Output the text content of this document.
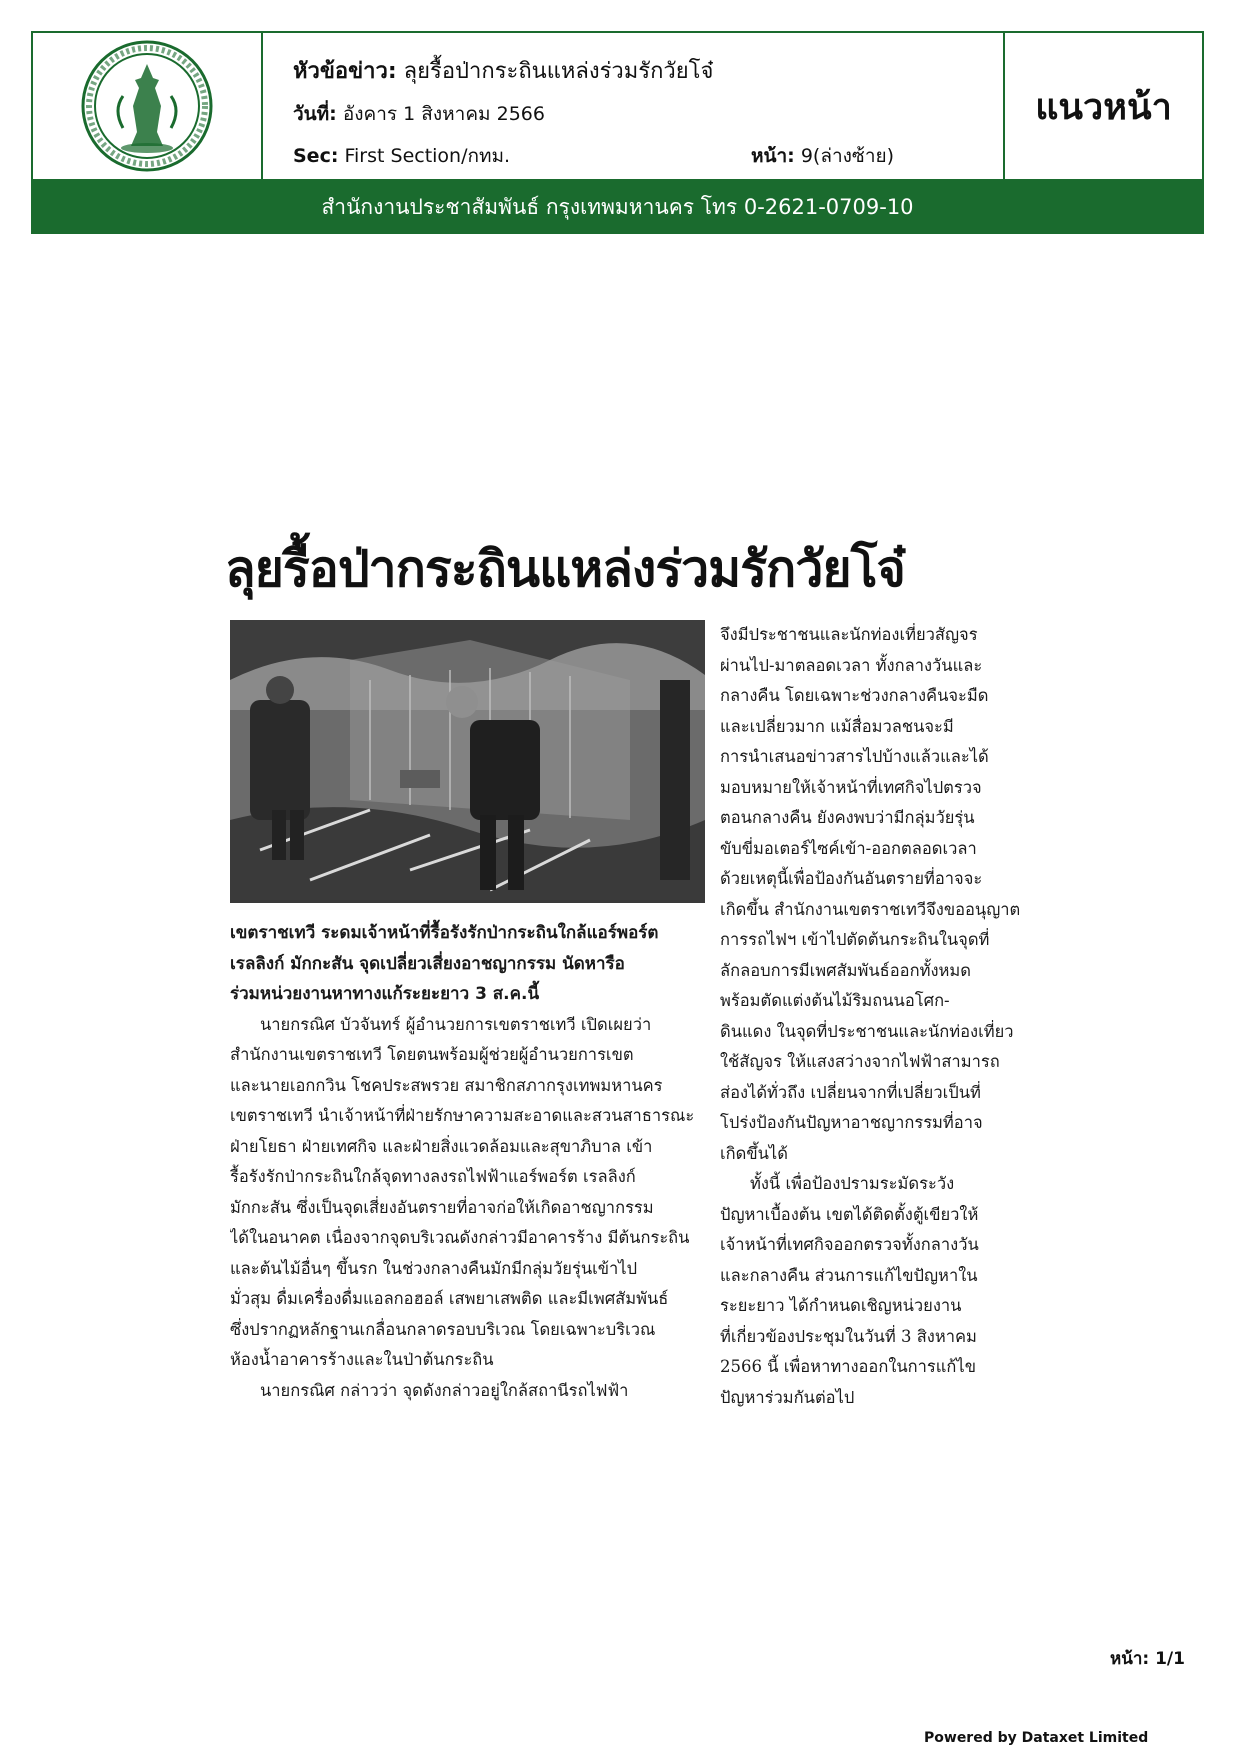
หัวข้อข่าว: ลุยรื้อป่ากระถินแหล่งร่วมรักวัยโจ๋
วันที่: อังคาร 1 สิงหาคม 2566
Sec: First Section/กทม.	หน้า: 9(ล่างซ้าย)
แนวหน้า
สำนักงานประชาสัมพันธ์ กรุงเทพมหานคร โทร 0-2621-0709-10
ลุยรื้อป่ากระถินแหล่งร่วมรักวัยโจ๋
เขตราชเทวี ระดมเจ้าหน้าที่รื้อรังรักป่ากระถินใกล้แอร์พอร์ต
เรลลิงก์ มักกะสัน จุดเปลี่ยวเสี่ยงอาชญากรรม นัดหารือ
ร่วมหน่วยงานหาทางแก้ระยะยาว 3 ส.ค.นี้
นายกรณิศ บัวจันทร์ ผู้อำนวยการเขตราชเทวี เปิดเผยว่า
สำนักงานเขตราชเทวี โดยตนพร้อมผู้ช่วยผู้อำนวยการเขต
และนายเอกกวิน โชคประสพรวย สมาชิกสภากรุงเทพมหานคร
เขตราชเทวี นำเจ้าหน้าที่ฝ่ายรักษาความสะอาดและสวนสาธารณะ
ฝ่ายโยธา ฝ่ายเทศกิจ และฝ่ายสิ่งแวดล้อมและสุขาภิบาล เข้า
รื้อรังรักป่ากระถินใกล้จุดทางลงรถไฟฟ้าแอร์พอร์ต เรลลิงก์
มักกะสัน ซึ่งเป็นจุดเสี่ยงอันตรายที่อาจก่อให้เกิดอาชญากรรม
ได้ในอนาคต เนื่องจากจุดบริเวณดังกล่าวมีอาคารร้าง มีต้นกระถิน
และต้นไม้อื่นๆ ขึ้นรก ในช่วงกลางคืนมักมีกลุ่มวัยรุ่นเข้าไป
มั่วสุม ดื่มเครื่องดื่มแอลกอฮอล์ เสพยาเสพติด และมีเพศสัมพันธ์
ซึ่งปรากฏหลักฐานเกลื่อนกลาดรอบบริเวณ โดยเฉพาะบริเวณ
ห้องน้ำอาคารร้างและในป่าต้นกระถิน
นายกรณิศ กล่าวว่า จุดดังกล่าวอยู่ใกล้สถานีรถไฟฟ้า
จึงมีประชาชนและนักท่องเที่ยวสัญจร
ผ่านไป-มาตลอดเวลา ทั้งกลางวันและ
กลางคืน โดยเฉพาะช่วงกลางคืนจะมืด
และเปลี่ยวมาก แม้สื่อมวลชนจะมี
การนำเสนอข่าวสารไปบ้างแล้วและได้
มอบหมายให้เจ้าหน้าที่เทศกิจไปตรวจ
ตอนกลางคืน ยังคงพบว่ามีกลุ่มวัยรุ่น
ขับขี่มอเตอร์ไซค์เข้า-ออกตลอดเวลา
ด้วยเหตุนี้เพื่อป้องกันอันตรายที่อาจจะ
เกิดขึ้น สำนักงานเขตราชเทวีจึงขออนุญาต
การรถไฟฯ เข้าไปตัดต้นกระถินในจุดที่
ลักลอบการมีเพศสัมพันธ์ออกทั้งหมด
พร้อมตัดแต่งต้นไม้ริมถนนอโศก-
ดินแดง ในจุดที่ประชาชนและนักท่องเที่ยว
ใช้สัญจร ให้แสงสว่างจากไฟฟ้าสามารถ
ส่องได้ทั่วถึง เปลี่ยนจากที่เปลี่ยวเป็นที่
โปร่งป้องกันปัญหาอาชญากรรมที่อาจ
เกิดขึ้นได้
ทั้งนี้ เพื่อป้องปรามระมัดระวัง
ปัญหาเบื้องต้น เขตได้ติดตั้งตู้เขียวให้
เจ้าหน้าที่เทศกิจออกตรวจทั้งกลางวัน
และกลางคืน ส่วนการแก้ไขปัญหาใน
ระยะยาว ได้กำหนดเชิญหน่วยงาน
ที่เกี่ยวข้องประชุมในวันที่ 3 สิงหาคม
2566 นี้ เพื่อหาทางออกในการแก้ไข
ปัญหาร่วมกันต่อไป
หน้า: 1/1
Powered by Dataxet Limited
